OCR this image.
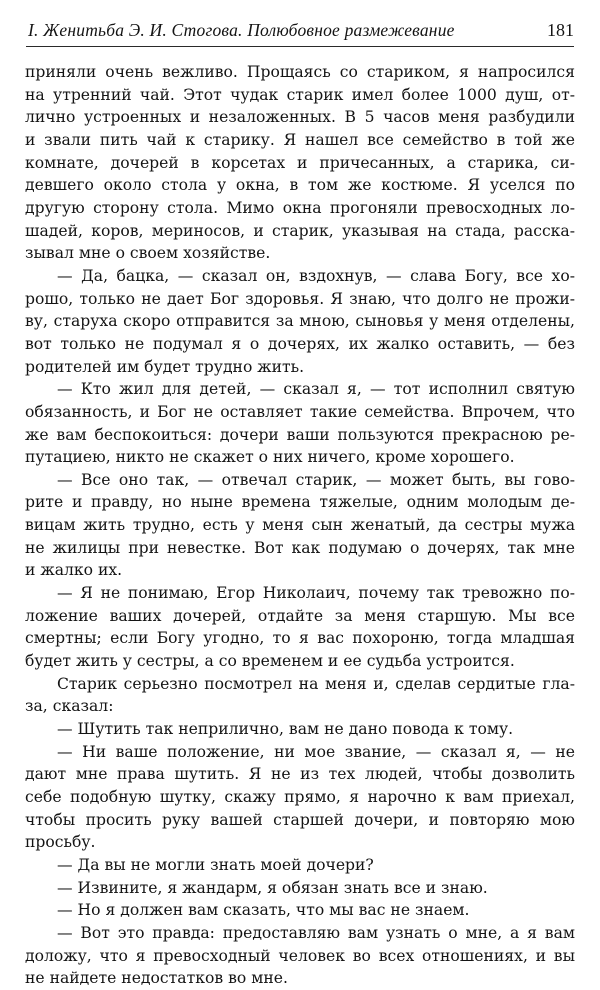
I. Женитьба Э. И. Стогова. Полюбовное размежевание	181
приняли очень вежливо. Прощаясь со стариком, я напросился
на утренний чай. Этот чудак старик имел более 1000 душ, от-
лично устроенных и незаложенных. В 5 часов меня разбудили
и звали пить чай к старику. Я нашел все семейство в той же
комнате, дочерей в корсетах и причесанных, а старика, си-
девшего около стола у окна, в том же костюме. Я уселся по
другую сторону стола. Мимо окна прогоняли превосходных ло-
шадей, коров, мериносов, и старик, указывая на стада, расска-
зывал мне о своем хозяйстве.
— Да, бацка, — сказал он, вздохнув, — слава Богу, все хо-
рошо, только не дает Бог здоровья. Я знаю, что долго не прожи-
ву, старуха скоро отправится за мною, сыновья у меня отделены,
вот только не подумал я о дочерях, их жалко оставить, — без
родителей им будет трудно жить.
— Кто жил для детей, — сказал я, — тот исполнил святую
обязанность, и Бог не оставляет такие семейства. Впрочем, что
же вам беспокоиться: дочери ваши пользуются прекрасною ре-
путациею, никто не скажет о них ничего, кроме хорошего.
— Все оно так, — отвечал старик, — может быть, вы гово-
рите и правду, но ныне времена тяжелые, одним молодым де-
вицам жить трудно, есть у меня сын женатый, да сестры мужа
не жилицы при невестке. Вот как подумаю о дочерях, так мне
и жалко их.
— Я не понимаю, Егор Николаич, почему так тревожно по-
ложение ваших дочерей, отдайте за меня старшую. Мы все
смертны; если Богу угодно, то я вас похороню, тогда младшая
будет жить у сестры, а со временем и ее судьба устроится.
Старик серьезно посмотрел на меня и, сделав сердитые гла-
за, сказал:
— Шутить так неприлично, вам не дано повода к тому.
— Ни ваше положение, ни мое звание, — сказал я, — не
дают мне права шутить. Я не из тех людей, чтобы дозволить
себе подобную шутку, скажу прямо, я нарочно к вам приехал,
чтобы просить руку вашей старшей дочери, и повторяю мою
просьбу.
— Да вы не могли знать моей дочери?
— Извините, я жандарм, я обязан знать все и знаю.
— Но я должен вам сказать, что мы вас не знаем.
— Вот это правда: предоставляю вам узнать о мне, а я вам
доложу, что я превосходный человек во всех отношениях, и вы
не найдете недостатков во мне.
